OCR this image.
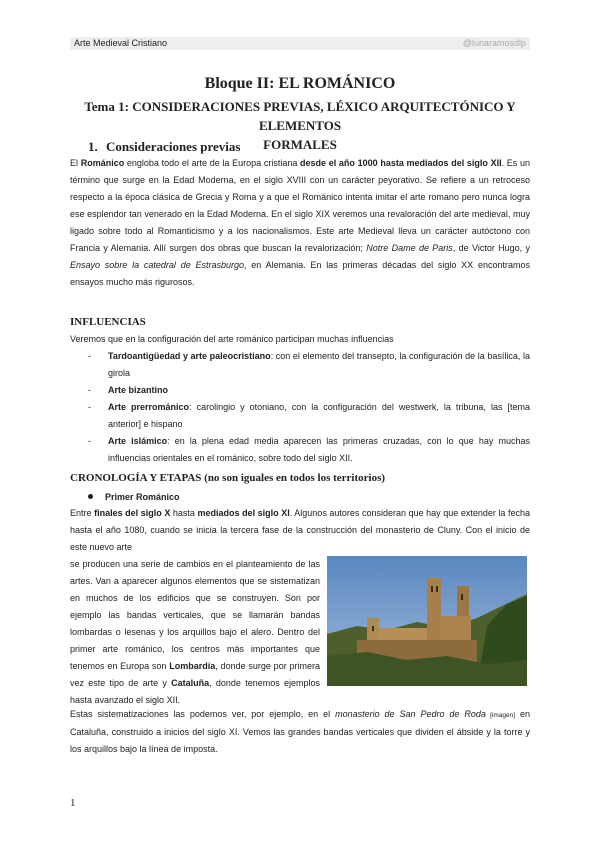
Arte Medieval Cristiano	@lunaramosdlp
Bloque II: EL ROMÁNICO
Tema 1: CONSIDERACIONES PREVIAS, LÉXICO ARQUITECTÓNICO Y ELEMENTOS
FORMALES
1. Consideraciones previas

El Románico engloba todo el arte de la Europa cristiana desde el año 1000 hasta mediados del siglo XII. Es un término que surge en la Edad Moderna, en el siglo XVIII con un carácter peyorativo. Se refiere a un retroceso respecto a la época clásica de Grecia y Roma y a que el Románico intenta imitar el arte romano pero nunca logra ese esplendor tan venerado en la Edad Moderna. En el siglo XIX veremos una revaloración del arte medieval, muy ligado sobre todo al Romanticismo y a los nacionalismos. Este arte Medieval lleva un carácter autóctono con Francia y Alemania. Allí surgen dos obras que buscan la revalorización; Notre Dame de Paris, de Victor Hugo, y Ensayo sobre la catedral de Estrasburgo, en Alemania. En las primeras décadas del siglo XX encontramos ensayos mucho más rigurosos.

INFLUENCIAS

Veremos que en la configuración del arte románico participan muchas influencias

- Tardoantigüedad y arte paleocristiano: con el elemento del transepto, la configuración de la basílica, la girola
- Arte bizantino
- Arte prerrománico: carolingio y otoniano, con la configuración del westwerk, la tribuna, las [tema anterior] e hispano
- Arte islámico: en la plena edad media aparecen las primeras cruzadas, con lo que hay muchas influencias orientales en el románico, sobre todo del siglo XII.
CRONOLOGÍA Y ETAPAS (no son iguales en todos los territorios)
Primer Románico

Entre finales del siglo X hasta mediados del siglo XI. Algunos autores consideran que hay que extender la fecha hasta el año 1080, cuando se inicia la tercera fase de la construcción del monasterio de Cluny. Con el inicio de este nuevo arte

se producen una serie de cambios en el planteamiento de las artes. Van a aparecer algunos elementos que se sistematizan en muchos de los edificios que se construyen. Son por ejemplo las bandas verticales, que se llamarán bandas lombardas o lesenas y los arquillos bajo el alero. Dentro del primer arte románico, los centros más importantes que tenemos en Europa son Lombardía, donde surge por primera vez este tipo de arte y Cataluña, donde tenemos ejemplos hasta avanzado el siglo XII.

Estas sistematizaciones las podemos ver, por ejemplo, en el monasterio de San Pedro de Roda [imagen] en Cataluña, construido a inicios del siglo XI. Vemos las grandes bandas verticales que dividen el ábside y la torre y los arquillos bajo la línea de imposta.

1
